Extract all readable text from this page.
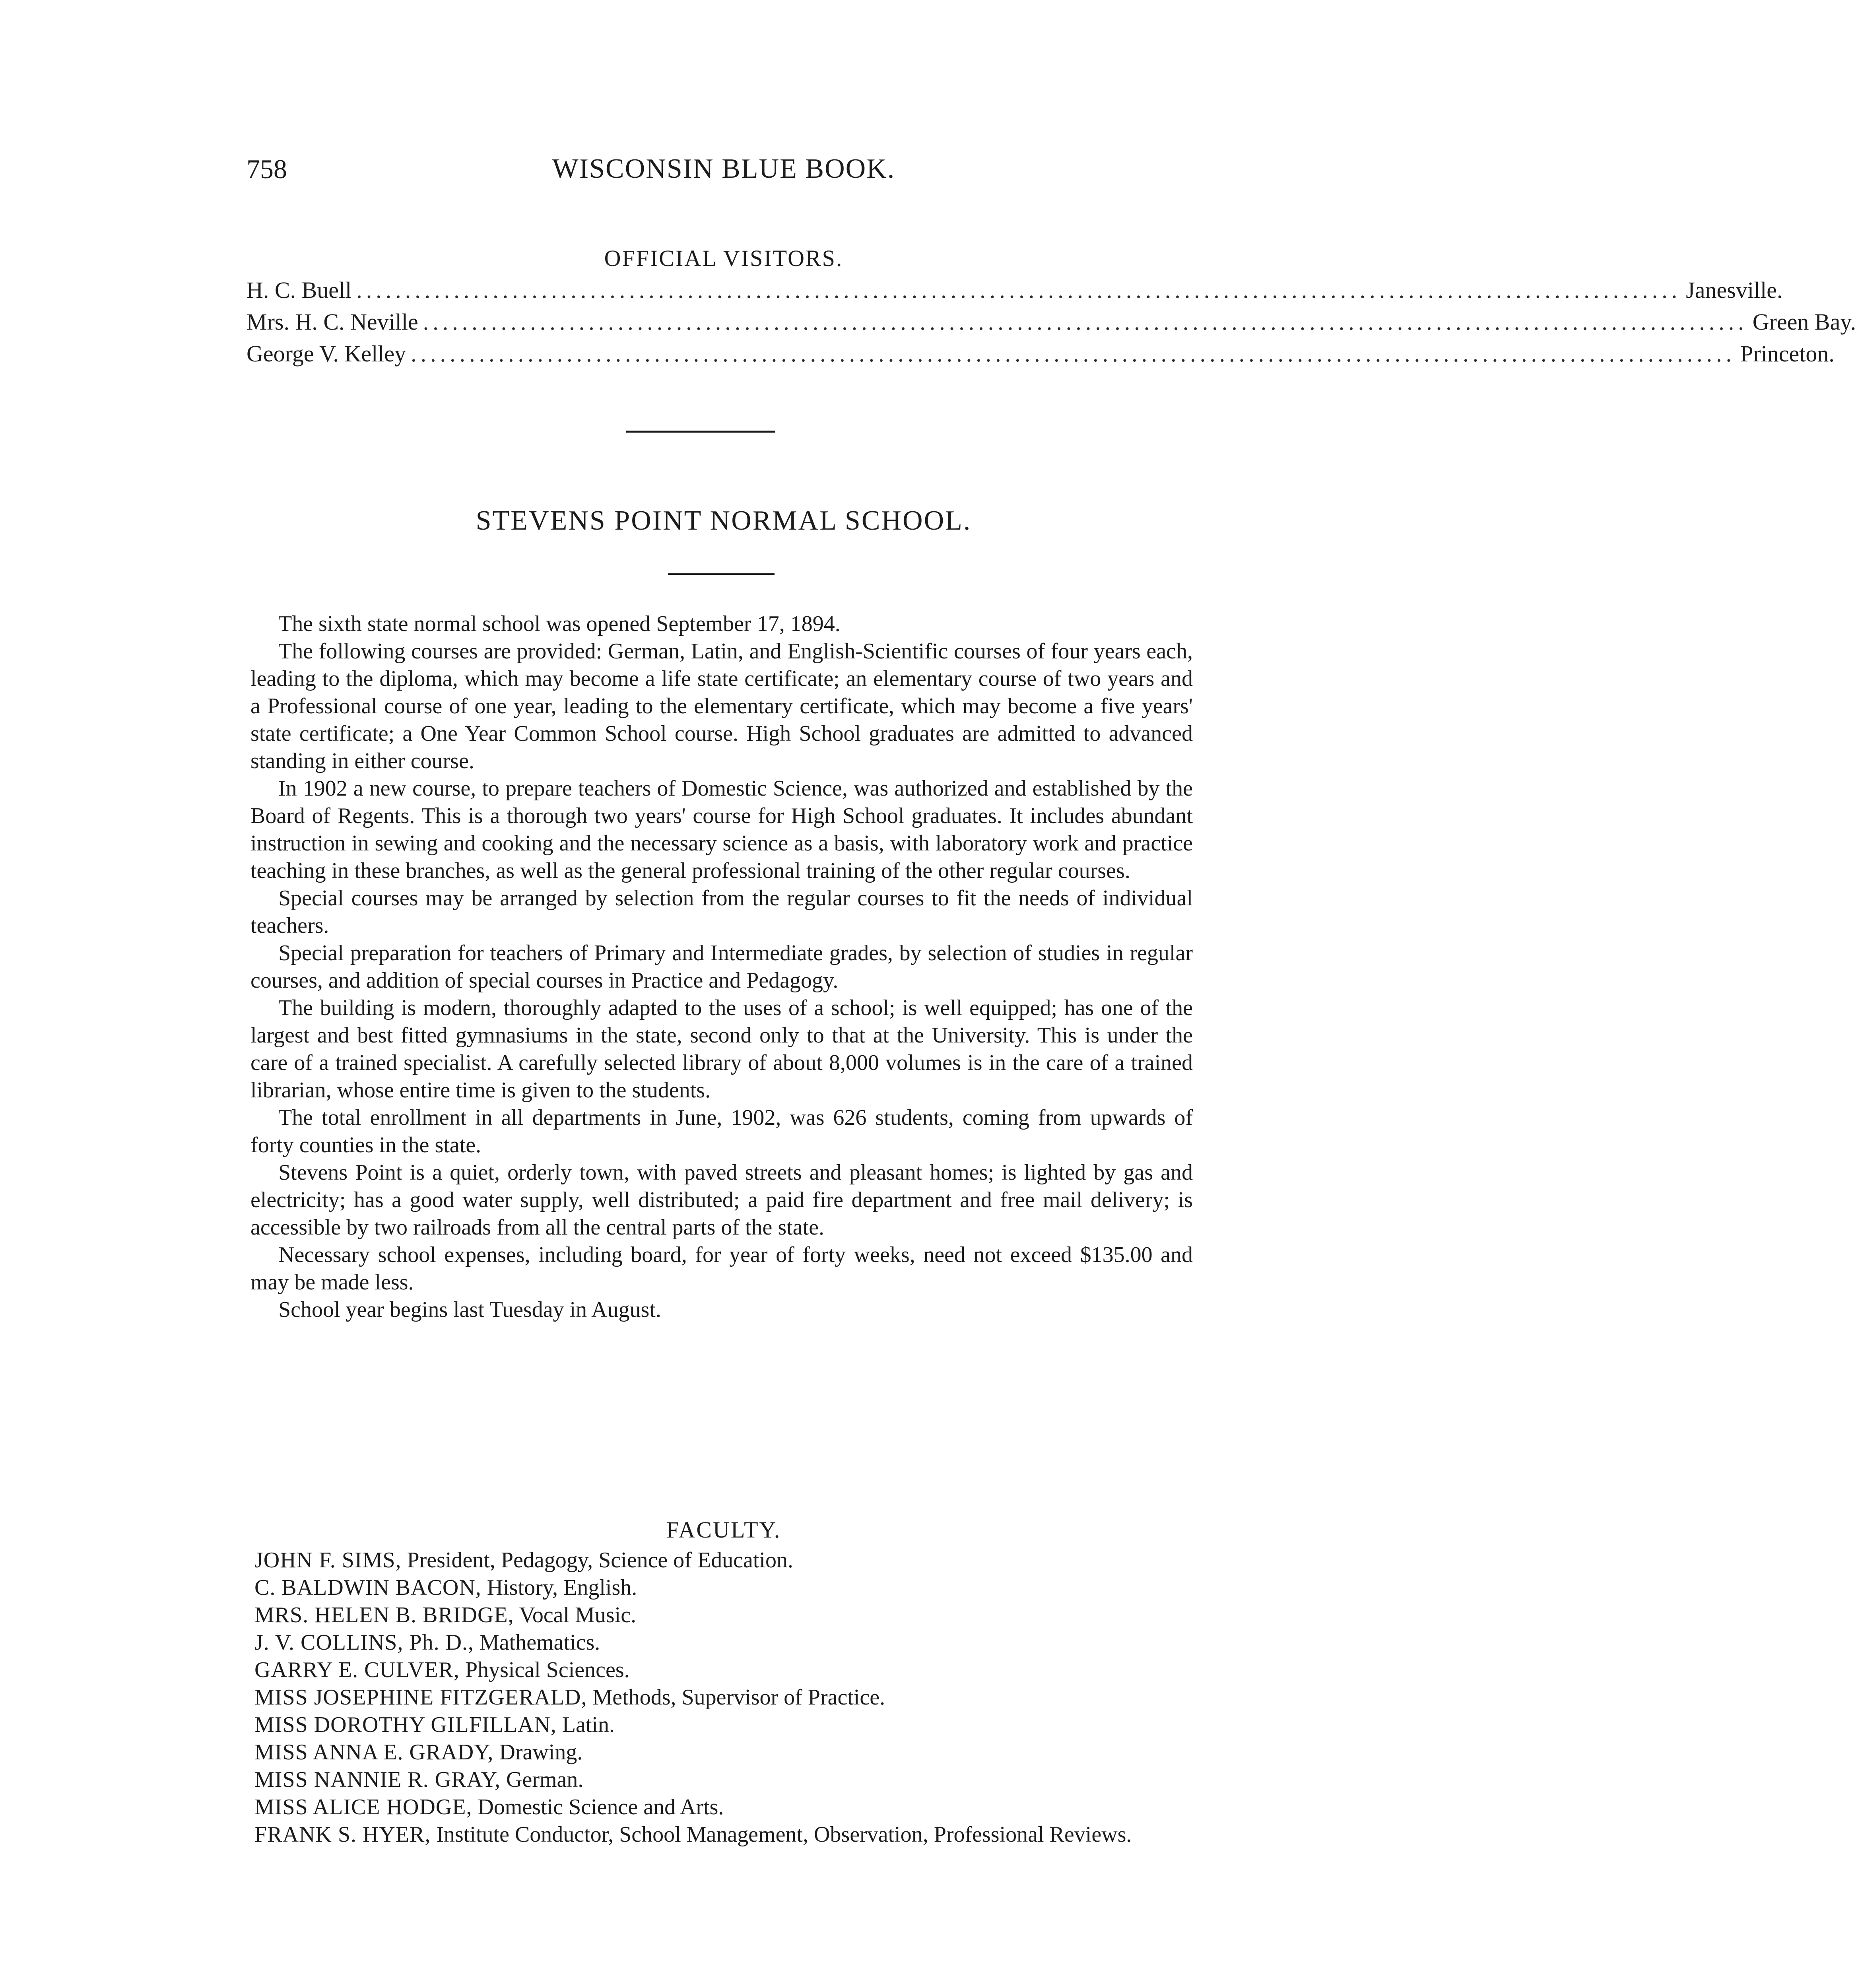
758	WISCONSIN BLUE BOOK.
OFFICIAL VISITORS.
H. C. Buell ........................................................................................................................................ Janesville.
Mrs. H. C. Neville ........................................................................................................................................ Green Bay.
George V. Kelley ........................................................................................................................................ Princeton.
STEVENS POINT NORMAL SCHOOL.

The sixth state normal school was opened September 17, 1894.

The following courses are provided: German, Latin, and English-Scientific courses of four years each, leading to the diploma, which may become a life state certificate; an elementary course of two years and a Professional course of one year, leading to the elementary certificate, which may become a five years' state certificate; a One Year Common School course. High School graduates are admitted to advanced standing in either course.

In 1902 a new course, to prepare teachers of Domestic Science, was authorized and established by the Board of Regents. This is a thorough two years' course for High School graduates. It includes abundant instruction in sewing and cooking and the necessary science as a basis, with laboratory work and practice teaching in these branches, as well as the general professional training of the other regular courses.

Special courses may be arranged by selection from the regular courses to fit the needs of individual teachers.

Special preparation for teachers of Primary and Intermediate grades, by selection of studies in regular courses, and addition of special courses in Practice and Pedagogy.

The building is modern, thoroughly adapted to the uses of a school; is well equipped; has one of the largest and best fitted gymnasiums in the state, second only to that at the University. This is under the care of a trained specialist. A carefully selected library of about 8,000 volumes is in the care of a trained librarian, whose entire time is given to the students.

The total enrollment in all departments in June, 1902, was 626 students, coming from upwards of forty counties in the state.

Stevens Point is a quiet, orderly town, with paved streets and pleasant homes; is lighted by gas and electricity; has a good water supply, well distributed; a paid fire department and free mail delivery; is accessible by two railroads from all the central parts of the state.

Necessary school expenses, including board, for year of forty weeks, need not exceed $135.00 and may be made less.

School year begins last Tuesday in August.

FACULTY.
JOHN F. SIMS, President, Pedagogy, Science of Education.
C. BALDWIN BACON, History, English.
MRS. HELEN B. BRIDGE, Vocal Music.
J. V. COLLINS, Ph. D., Mathematics.
GARRY E. CULVER, Physical Sciences.
MISS JOSEPHINE FITZGERALD, Methods, Supervisor of Practice.
MISS DOROTHY GILFILLAN, Latin.
MISS ANNA E. GRADY, Drawing.
MISS NANNIE R. GRAY, German.
MISS ALICE HODGE, Domestic Science and Arts.
FRANK S. HYER, Institute Conductor, School Management, Observation, Professional Reviews.
